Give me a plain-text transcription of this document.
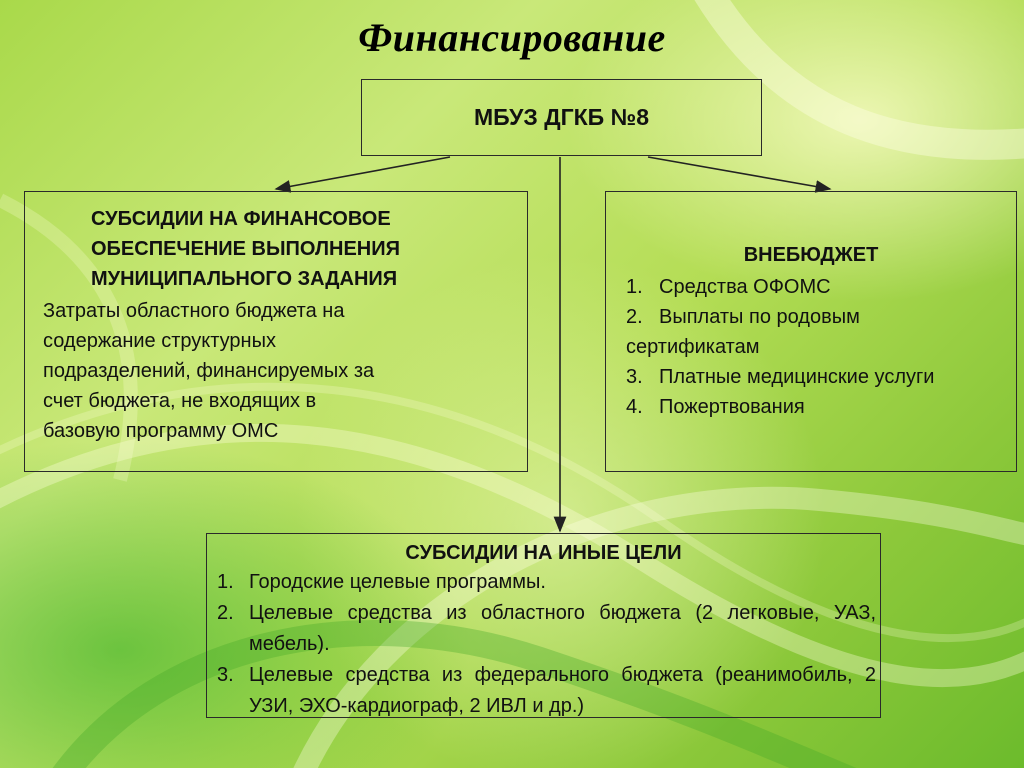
Финансирование
МБУЗ ДГКБ №8
СУБСИДИИ НА ФИНАНСОВОЕ
ОБЕСПЕЧЕНИЕ ВЫПОЛНЕНИЯ
МУНИЦИПАЛЬНОГО ЗАДАНИЯ
Затраты областного бюджета на
содержание структурных
подразделений, финансируемых за
счет бюджета, не входящих в
базовую программу ОМС
ВНЕБЮДЖЕТ
1. Средства ОФОМС
2. Выплаты по родовым
сертификатам
3. Платные медицинские услуги
4. Пожертвования
СУБСИДИИ НА ИНЫЕ ЦЕЛИ
1. Городские целевые программы.
2. Целевые средства из областного бюджета (2 легковые, УАЗ, мебель).
3. Целевые средства из федерального бюджета (реанимобиль, 2 УЗИ, ЭХО-кардиограф, 2 ИВЛ и др.)
